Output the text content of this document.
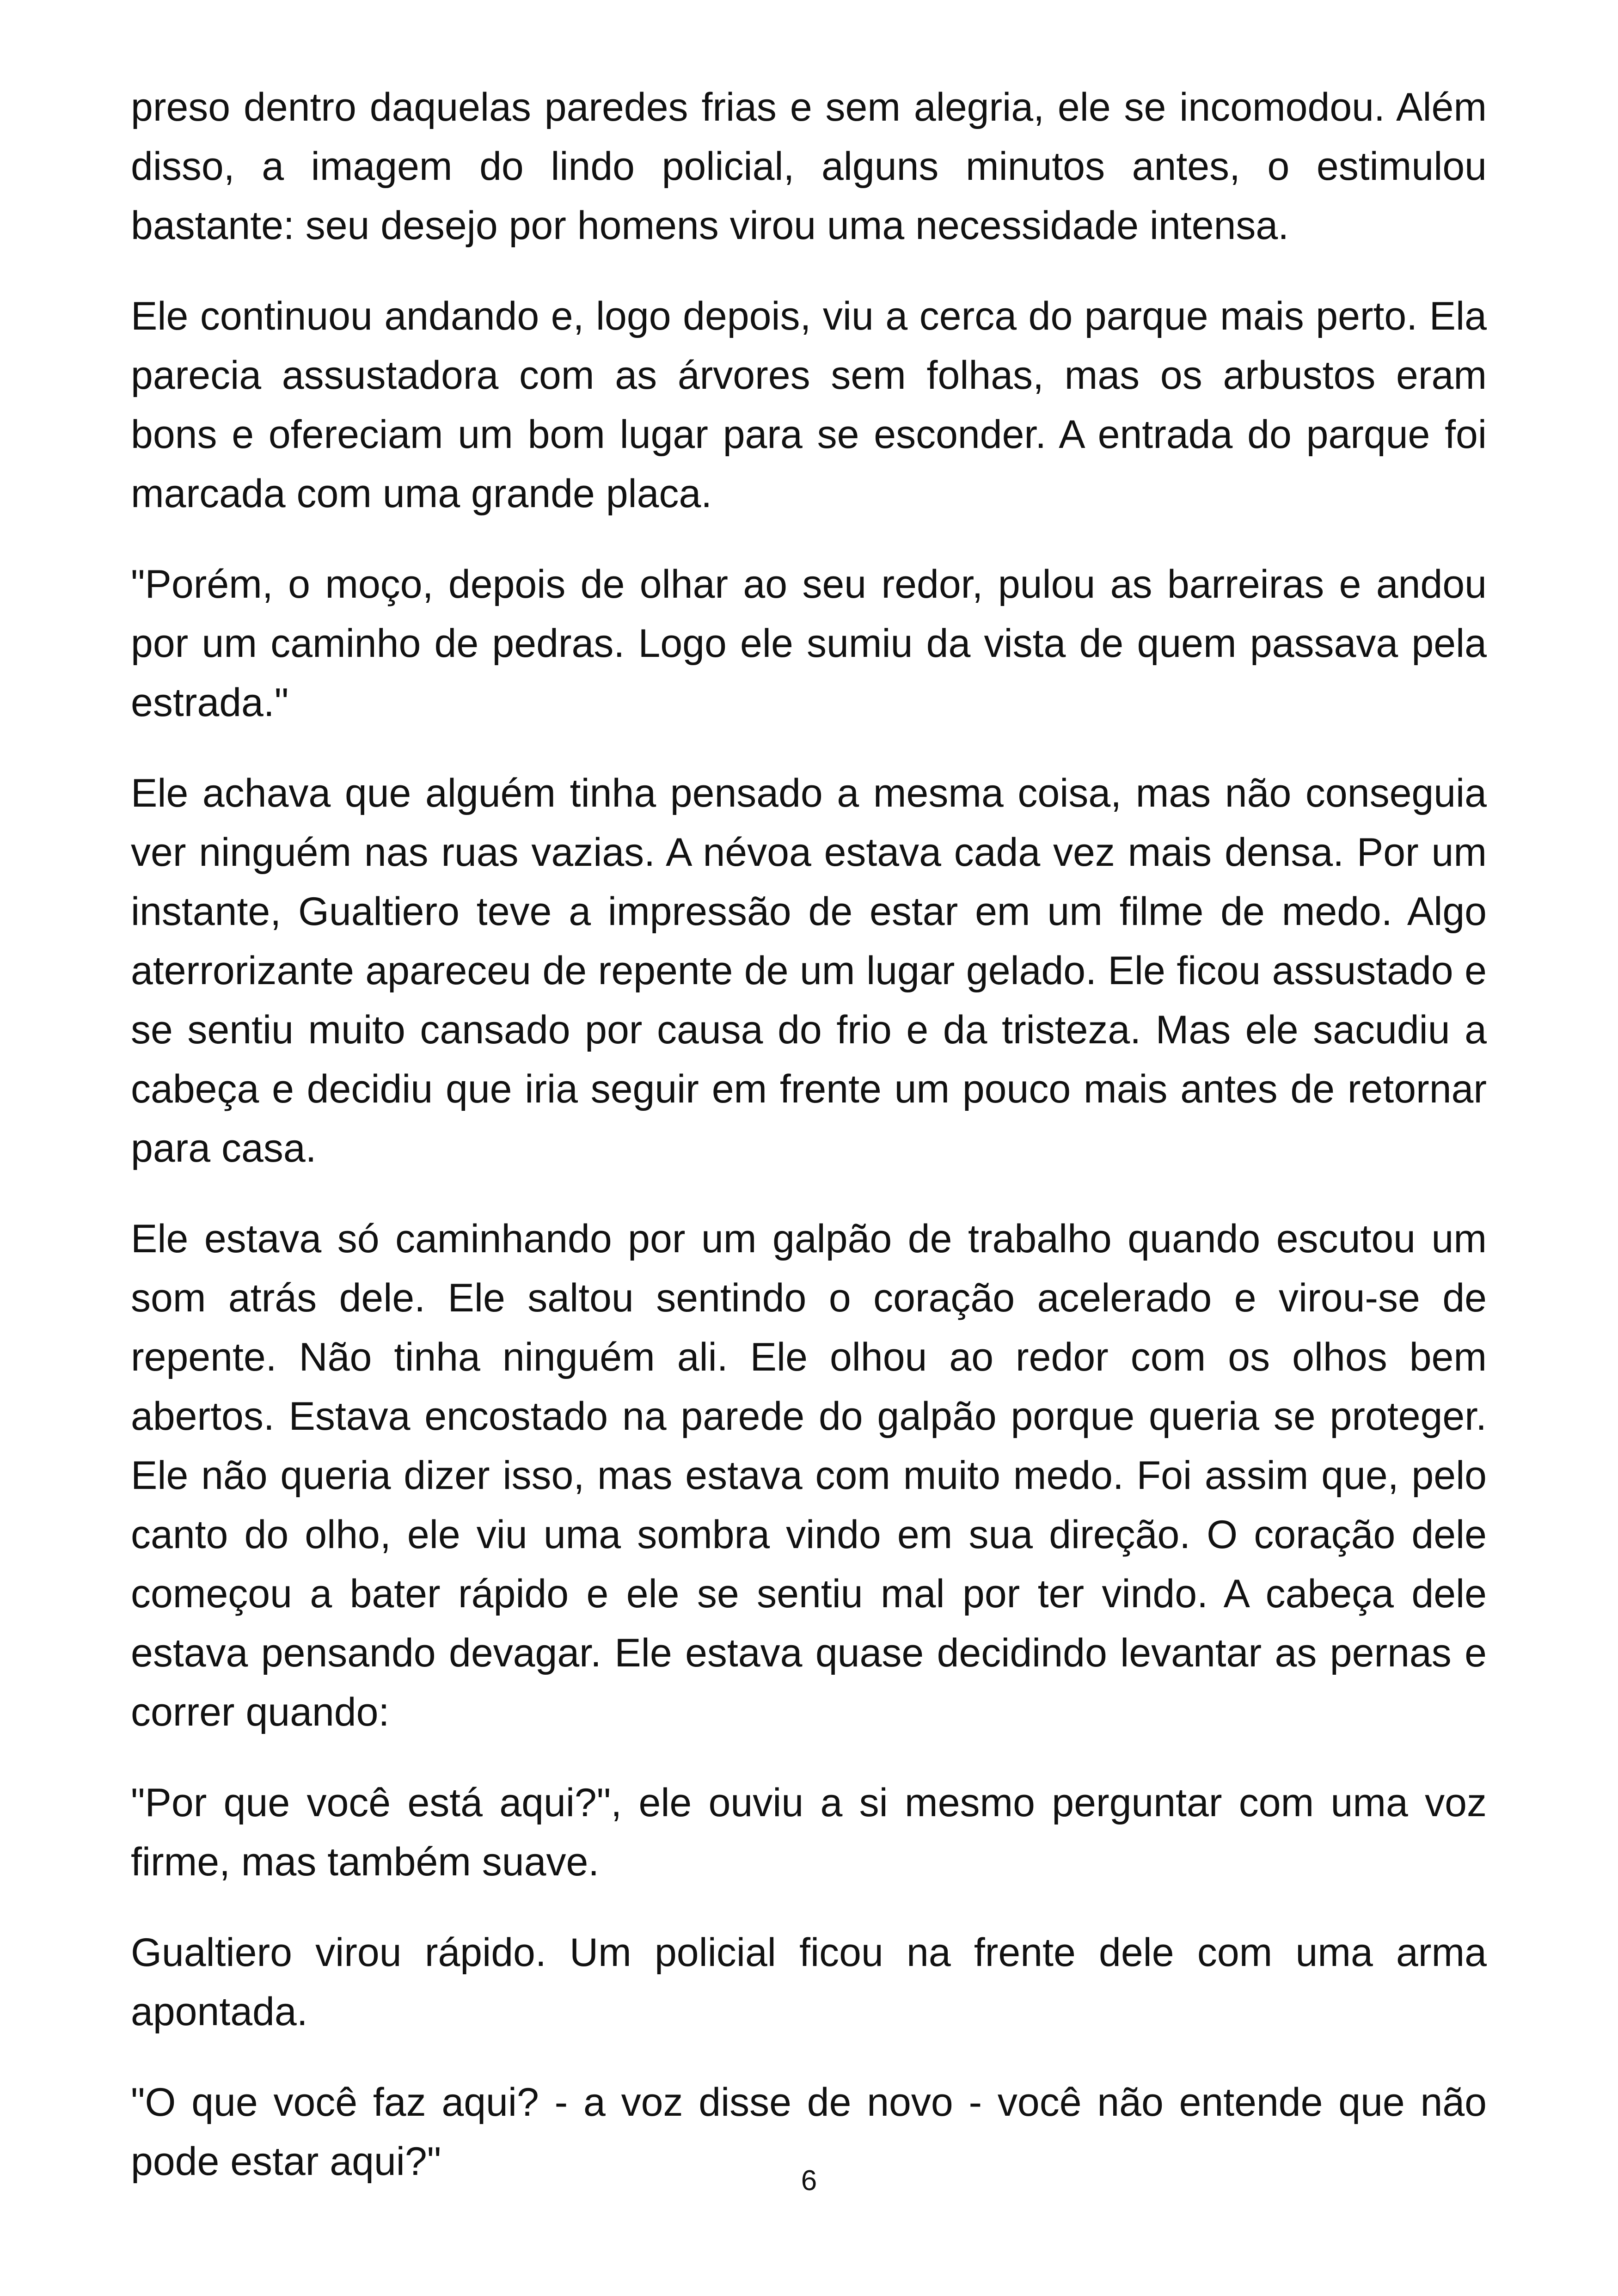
preso dentro daquelas paredes frias e sem alegria, ele se incomodou. Além disso, a imagem do lindo policial, alguns minutos antes, o estimulou bastante: seu desejo por homens virou uma necessidade intensa.

Ele continuou andando e, logo depois, viu a cerca do parque mais perto. Ela parecia assustadora com as árvores sem folhas, mas os arbustos eram bons e ofereciam um bom lugar para se esconder. A entrada do parque foi marcada com uma grande placa.

"Porém, o moço, depois de olhar ao seu redor, pulou as barreiras e andou por um caminho de pedras. Logo ele sumiu da vista de quem passava pela estrada."

Ele achava que alguém tinha pensado a mesma coisa, mas não conseguia ver ninguém nas ruas vazias. A névoa estava cada vez mais densa. Por um instante, Gualtiero teve a impressão de estar em um filme de medo. Algo aterrorizante apareceu de repente de um lugar gelado. Ele ficou assustado e se sentiu muito cansado por causa do frio e da tristeza. Mas ele sacudiu a cabeça e decidiu que iria seguir em frente um pouco mais antes de retornar para casa.

Ele estava só caminhando por um galpão de trabalho quando escutou um som atrás dele. Ele saltou sentindo o coração acelerado e virou-se de repente. Não tinha ninguém ali. Ele olhou ao redor com os olhos bem abertos. Estava encostado na parede do galpão porque queria se proteger. Ele não queria dizer isso, mas estava com muito medo. Foi assim que, pelo canto do olho, ele viu uma sombra vindo em sua direção. O coração dele começou a bater rápido e ele se sentiu mal por ter vindo. A cabeça dele estava pensando devagar. Ele estava quase decidindo levantar as pernas e correr quando:

"Por que você está aqui?", ele ouviu a si mesmo perguntar com uma voz firme, mas também suave.

Gualtiero virou rápido. Um policial ficou na frente dele com uma arma apontada.

"O que você faz aqui? - a voz disse de novo - você não entende que não pode estar aqui?"	6
